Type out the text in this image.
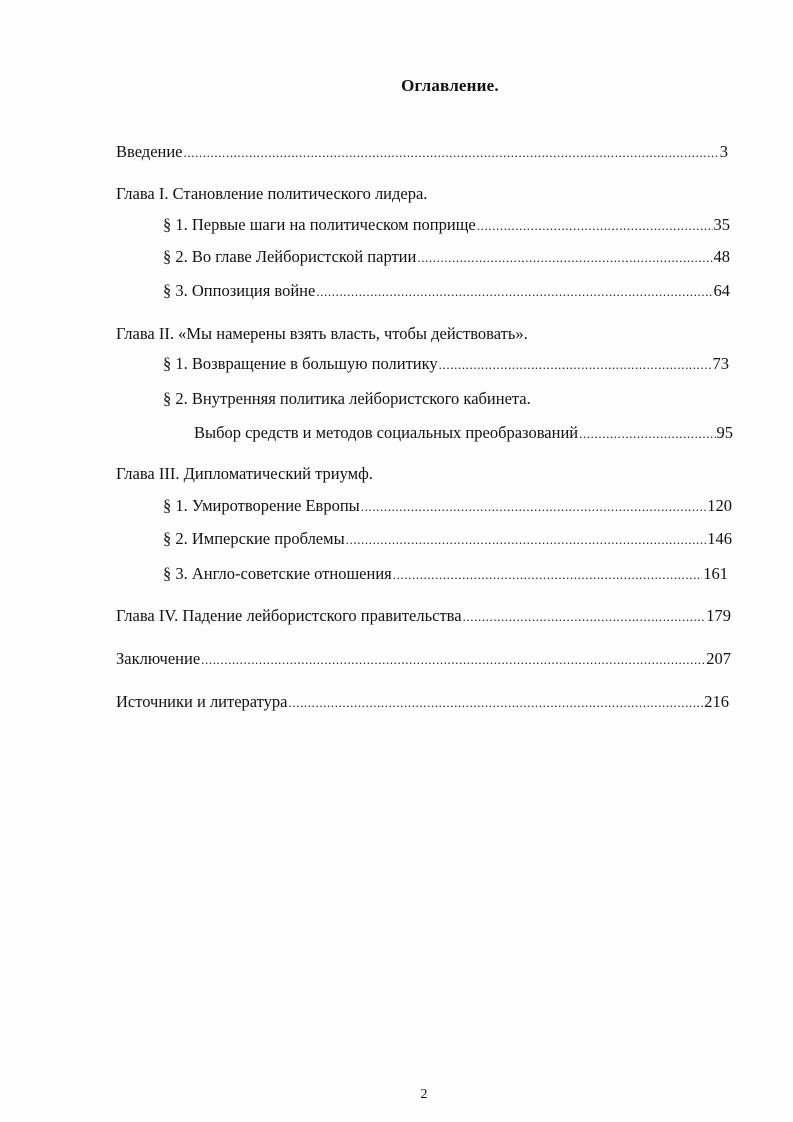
Оглавление.
Введение .....	3
Глава I. Становление политического лидера.
§ 1. Первые шаги на политическом поприще .....	35
§ 2. Во главе Лейбористской партии .....	48
§ 3. Оппозиция войне .....	64
Глава II. «Мы намерены взять власть, чтобы действовать».
§ 1. Возвращение в большую политику .....	73
§ 2. Внутренняя политика лейбористского кабинета.
Выбор средств и методов социальных преобразований .....	95
Глава III. Дипломатический триумф.
§ 1. Умиротворение Европы .....	120
§ 2. Имперские проблемы .....	146
§ 3. Англо-советские отношения .....	161
Глава IV. Падение лейбористского правительства .....	179
Заключение .....	207
Источники и литература .....	216
2
